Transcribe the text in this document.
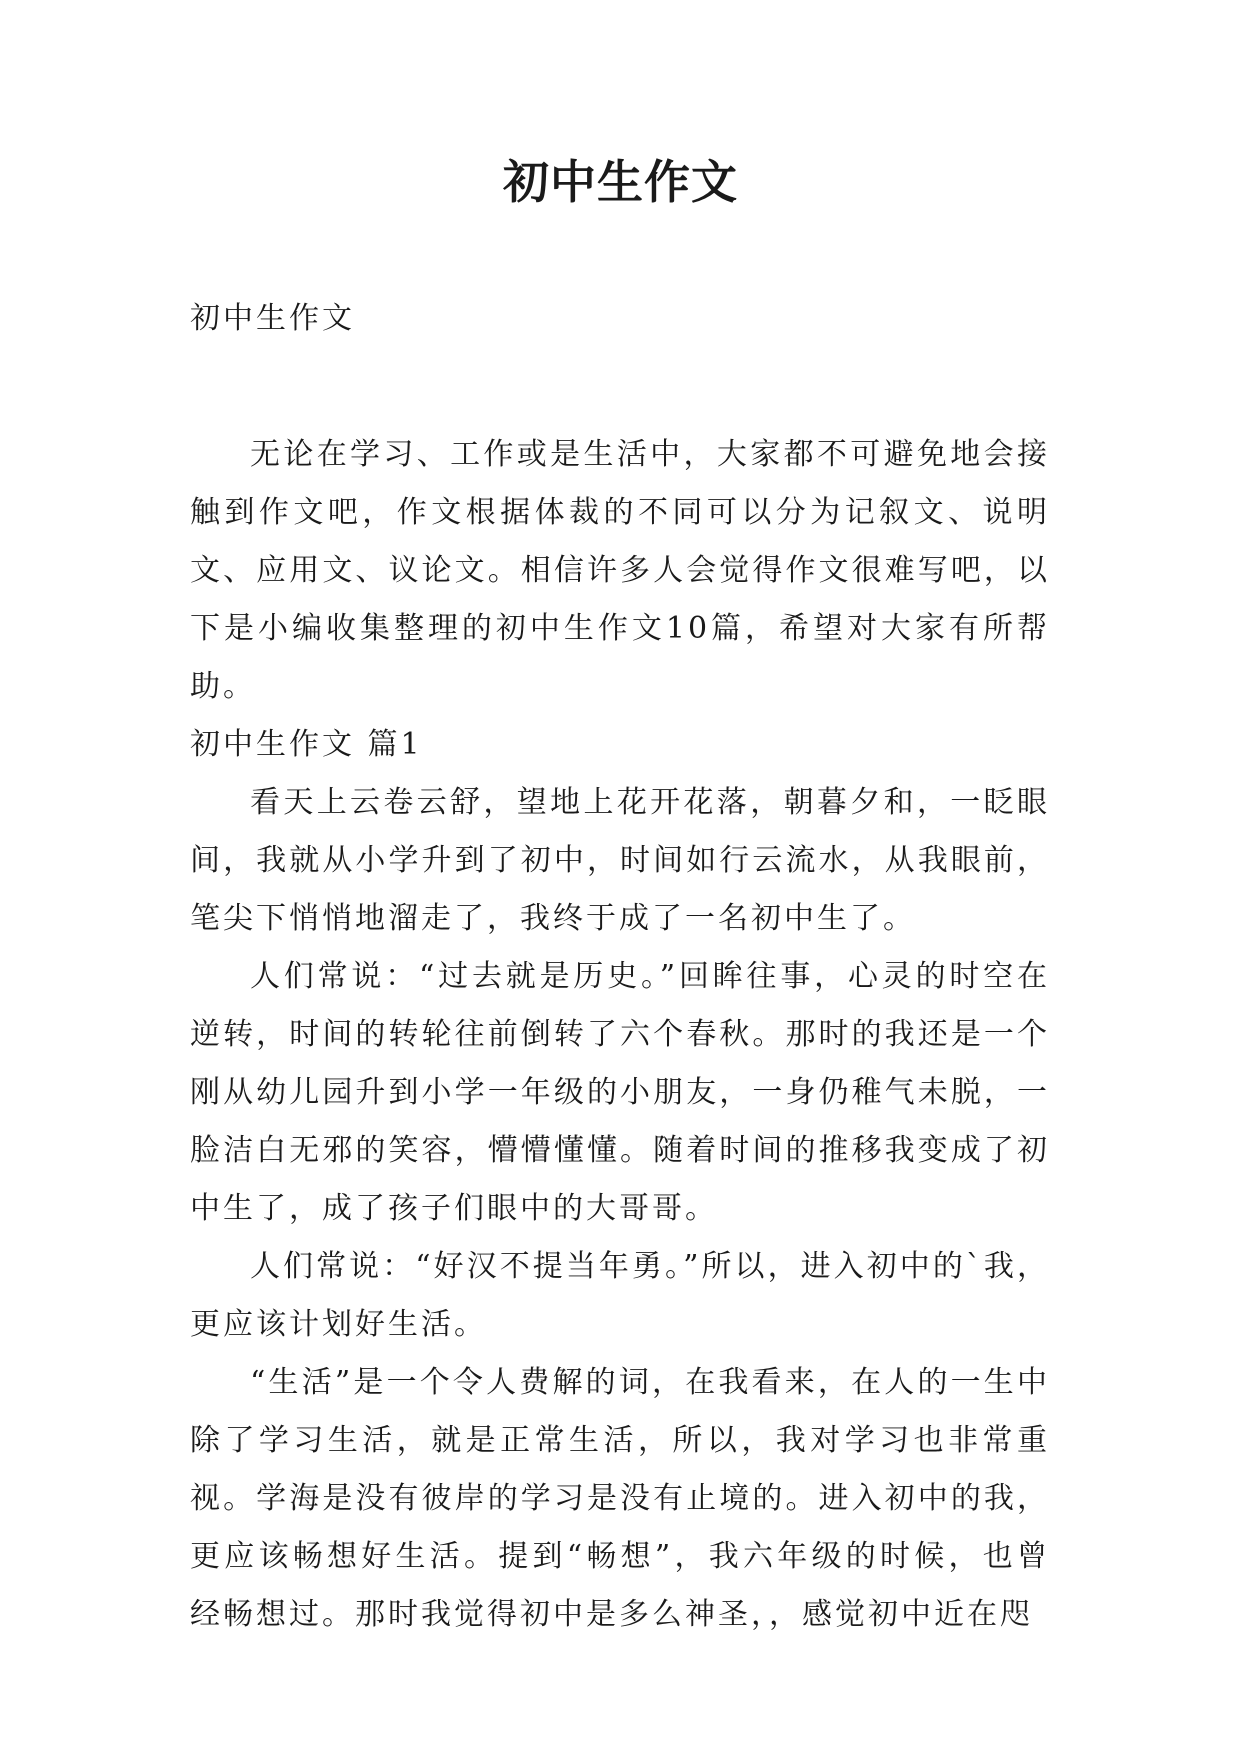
初中生作文

初中生作文

无论在学习、工作或是生活中，大家都不可避免地会接触到作文吧，作文根据体裁的不同可以分为记叙文、说明文、应用文、议论文。相信许多人会觉得作文很难写吧，以下是小编收集整理的初中生作文10篇，希望对大家有所帮助。

初中生作文 篇1

看天上云卷云舒，望地上花开花落，朝暮夕和，一眨眼间，我就从小学升到了初中，时间如行云流水，从我眼前，笔尖下悄悄地溜走了，我终于成了一名初中生了。

人们常说：“过去就是历史。”回眸往事，心灵的时空在逆转，时间的转轮往前倒转了六个春秋。那时的我还是一个刚从幼儿园升到小学一年级的小朋友，一身仍稚气未脱，一脸洁白无邪的笑容，懵懵懂懂。随着时间的推移我变成了初中生了，成了孩子们眼中的大哥哥。

人们常说：“好汉不提当年勇。”所以，进入初中的`我，更应该计划好生活。

“生活”是一个令人费解的词，在我看来，在人的一生中除了学习生活，就是正常生活，所以，我对学习也非常重视。学海是没有彼岸的学习是没有止境的。进入初中的我，更应该畅想好生活。提到“畅想”，我六年级的时候，也曾经畅想过。那时我觉得初中是多么神圣，，感觉初中近在咫
